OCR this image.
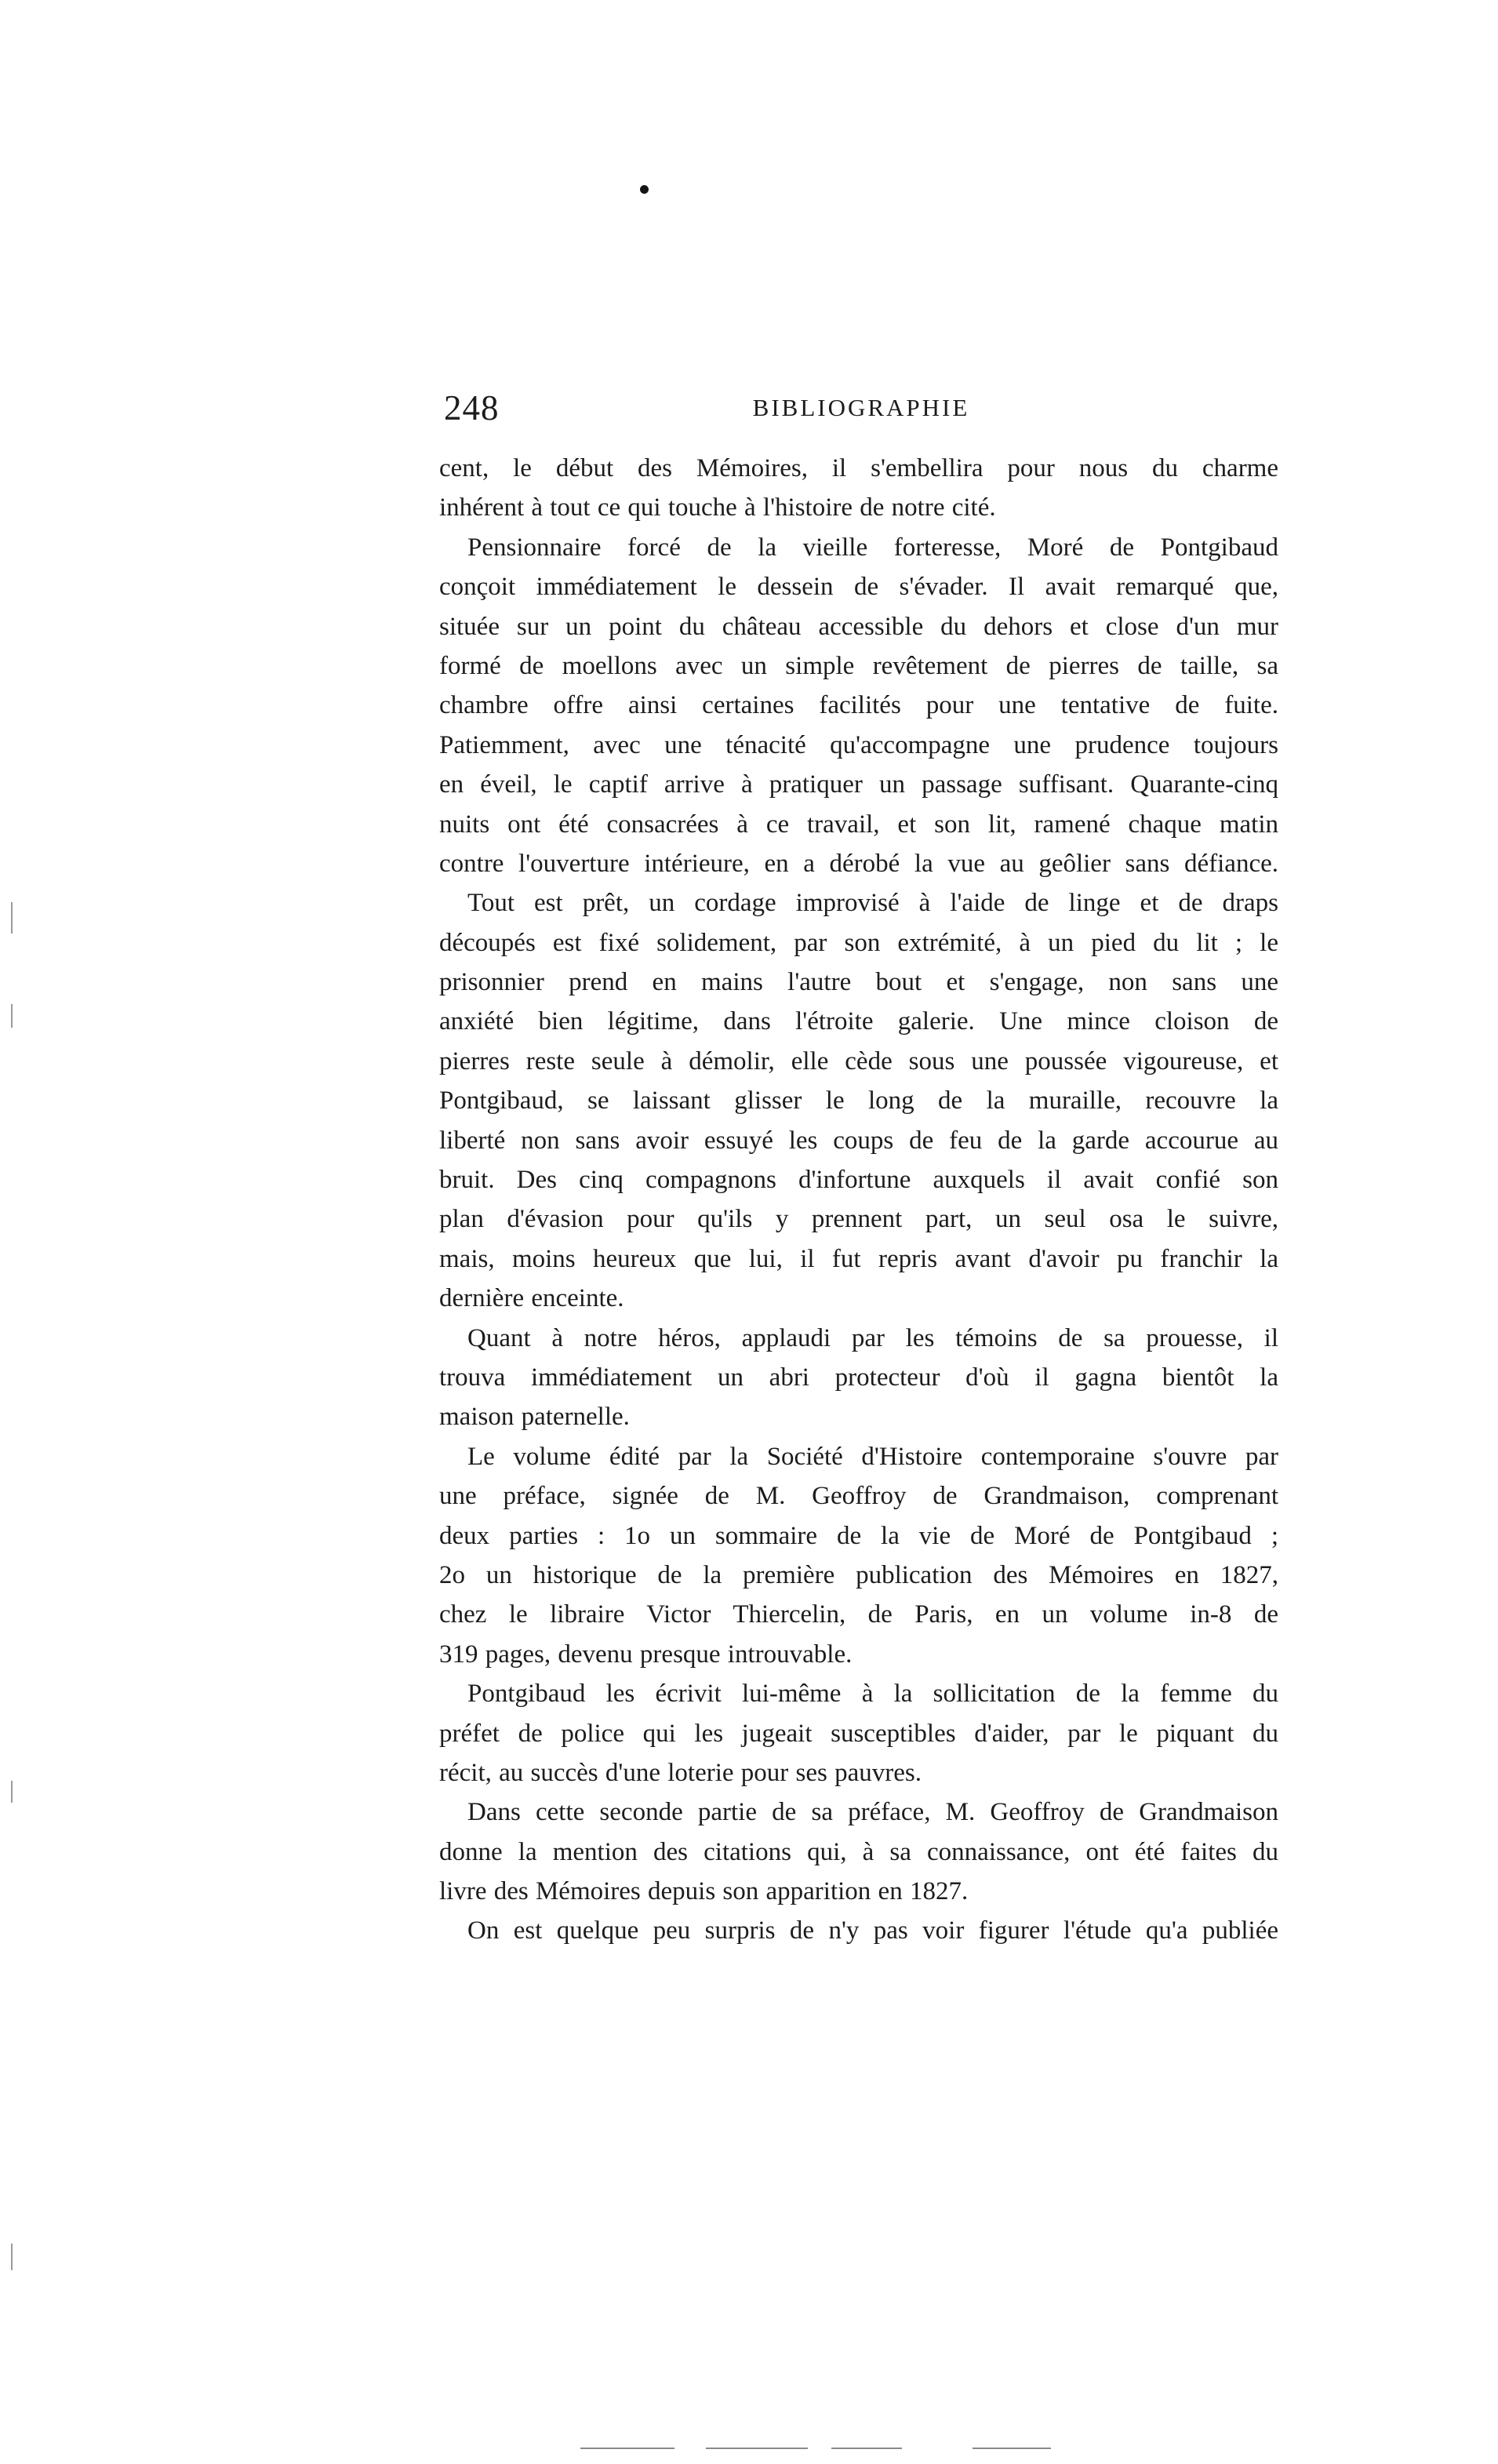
248	BIBLIOGRAPHIE
cent, le début des Mémoires, il s'embellira pour nous du charme
inhérent à tout ce qui touche à l'histoire de notre cité.
Pensionnaire forcé de la vieille forteresse, Moré de Pontgibaud
conçoit immédiatement le dessein de s'évader. Il avait remarqué que,
située sur un point du château accessible du dehors et close d'un mur
formé de moellons avec un simple revêtement de pierres de taille, sa
chambre offre ainsi certaines facilités pour une tentative de fuite.
Patiemment, avec une ténacité qu'accompagne une prudence toujours
en éveil, le captif arrive à pratiquer un passage suffisant. Quarante-cinq
nuits ont été consacrées à ce travail, et son lit, ramené chaque matin
contre l'ouverture intérieure, en a dérobé la vue au geôlier sans défiance.
Tout est prêt, un cordage improvisé à l'aide de linge et de draps
découpés est fixé solidement, par son extrémité, à un pied du lit ; le
prisonnier prend en mains l'autre bout et s'engage, non sans une
anxiété bien légitime, dans l'étroite galerie. Une mince cloison de
pierres reste seule à démolir, elle cède sous une poussée vigoureuse, et
Pontgibaud, se laissant glisser le long de la muraille, recouvre la
liberté non sans avoir essuyé les coups de feu de la garde accourue au
bruit. Des cinq compagnons d'infortune auxquels il avait confié son
plan d'évasion pour qu'ils y prennent part, un seul osa le suivre,
mais, moins heureux que lui, il fut repris avant d'avoir pu franchir la
dernière enceinte.
Quant à notre héros, applaudi par les témoins de sa prouesse, il
trouva immédiatement un abri protecteur d'où il gagna bientôt la
maison paternelle.
Le volume édité par la Société d'Histoire contemporaine s'ouvre par
une préface, signée de M. Geoffroy de Grandmaison, comprenant
deux parties : 1o un sommaire de la vie de Moré de Pontgibaud ;
2o un historique de la première publication des Mémoires en 1827,
chez le libraire Victor Thiercelin, de Paris, en un volume in-8 de
319 pages, devenu presque introuvable.
Pontgibaud les écrivit lui-même à la sollicitation de la femme du
préfet de police qui les jugeait susceptibles d'aider, par le piquant du
récit, au succès d'une loterie pour ses pauvres.
Dans cette seconde partie de sa préface, M. Geoffroy de Grandmaison
donne la mention des citations qui, à sa connaissance, ont été faites du
livre des Mémoires depuis son apparition en 1827.
On est quelque peu surpris de n'y pas voir figurer l'étude qu'a publiée
